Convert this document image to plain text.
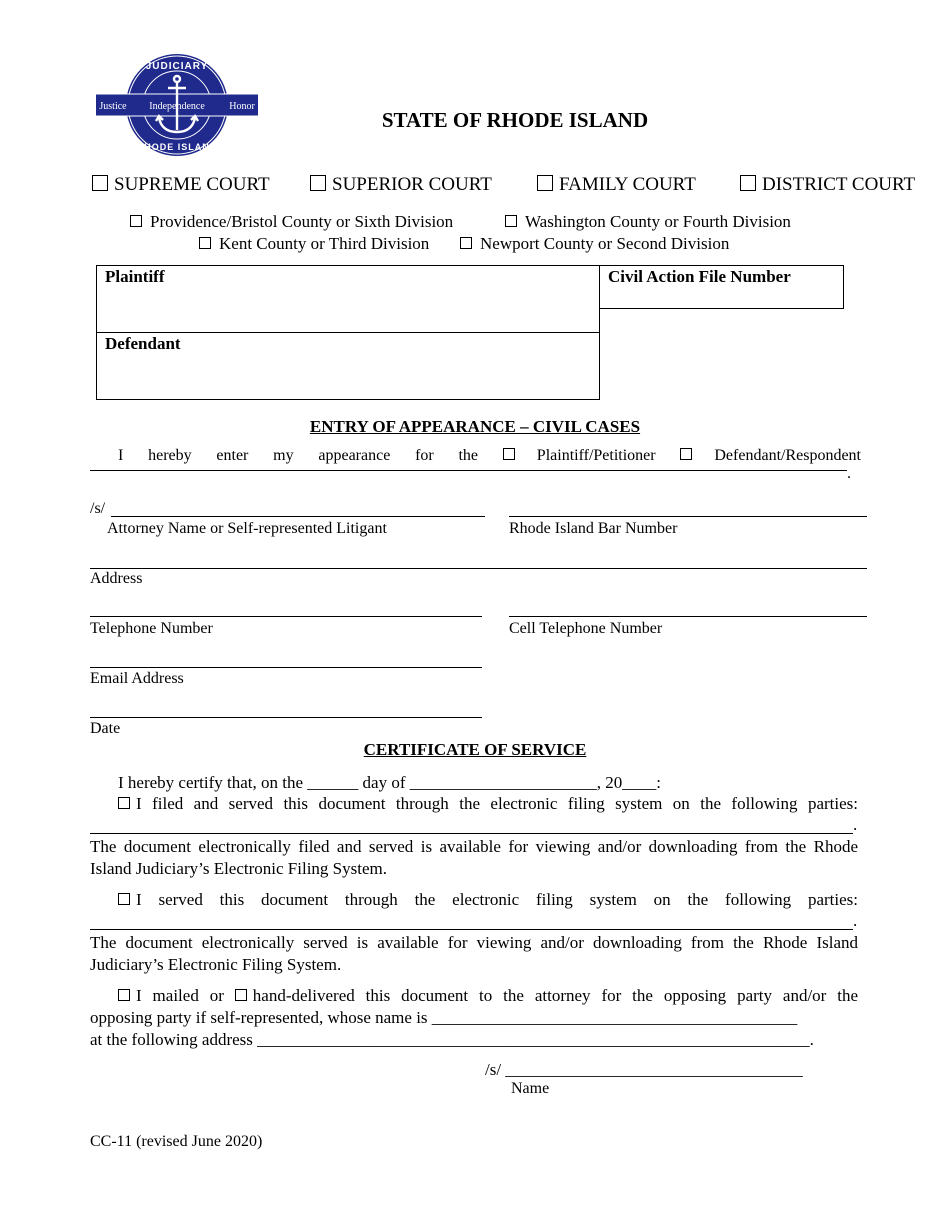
JUDICIARY
Justice Independence Honor
RHODE ISLAND
STATE OF RHODE ISLAND
SUPREME COURT	SUPERIOR COURT	FAMILY COURT	DISTRICT COURT
Providence/Bristol County or Sixth Division	Washington County or Fourth Division
Kent County or Third Division	Newport County or Second Division
Plaintiff
Defendant
Civil Action File Number
ENTRY OF APPEARANCE – CIVIL CASES
I hereby enter my appearance for the	Plaintiff/Petitioner	Defendant/Respondent
.
/s/
Attorney Name or Self-represented Litigant	Rhode Island Bar Number
Address
Telephone Number	Cell Telephone Number
Email Address
Date
CERTIFICATE OF SERVICE
I hereby certify that, on the ______ day of ______________________, 20____:
I filed and served this document through the electronic filing system on the following parties:
.
The document electronically filed and served is available for viewing and/or downloading from the Rhode Island Judiciary’s Electronic Filing System.
I served this document through the electronic filing system on the following parties:
.
The document electronically served is available for viewing and/or downloading from the Rhode Island Judiciary’s Electronic Filing System.
I mailed or hand-delivered this document to the attorney for the opposing party and/or the
opposing party if self-represented, whose name is ___________________________________________
at the following address _________________________________________________________________.
/s/ ___________________________________
Name
CC-11 (revised June 2020)
